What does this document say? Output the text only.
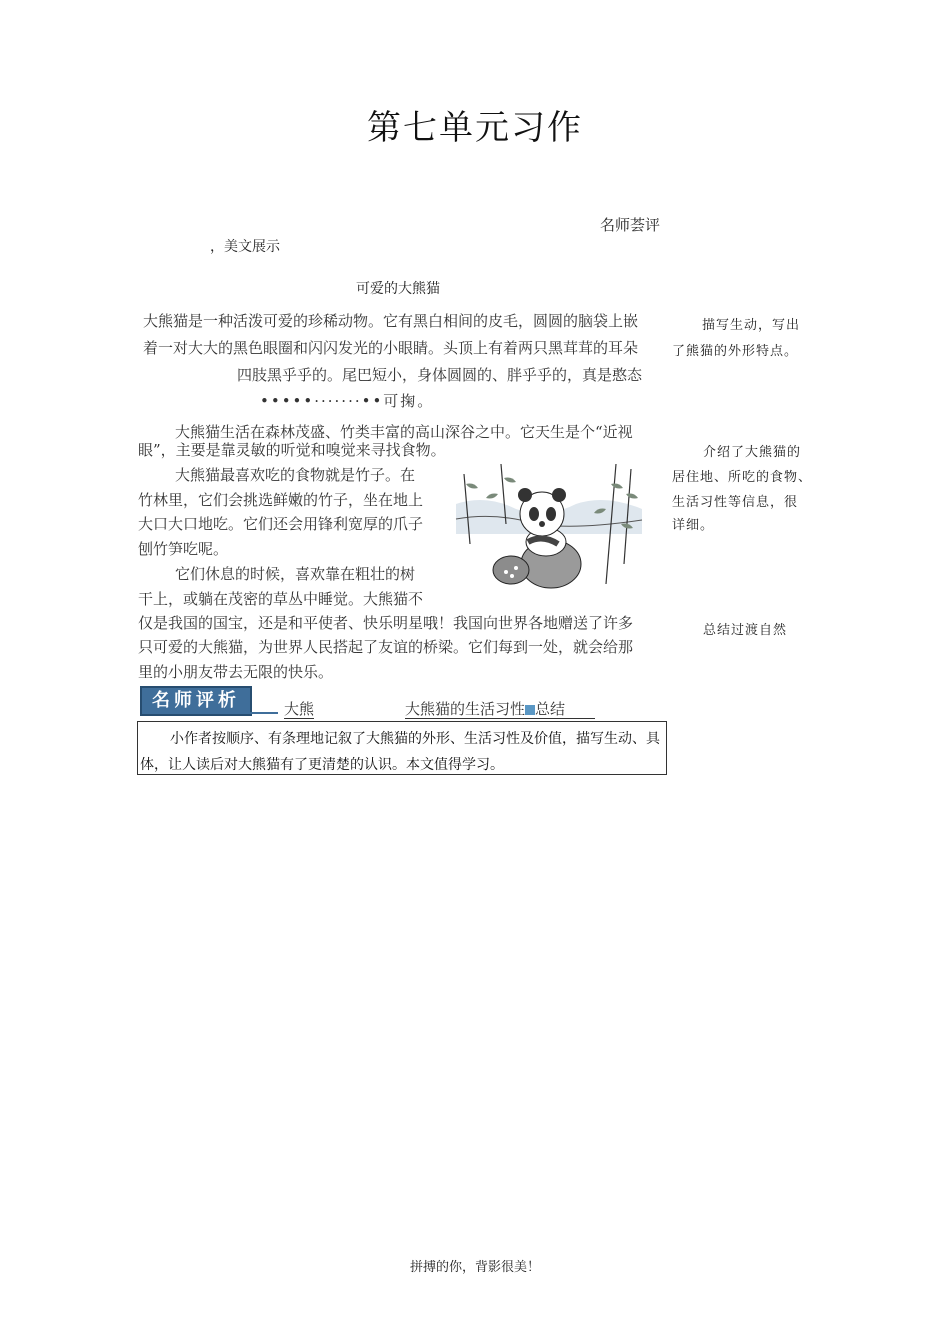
第七单元习作
名师荟评
，美文展示
可爱的大熊猫
大熊猫是一种活泼可爱的珍稀动物。它有黑白相间的皮毛，圆圆的脑袋上嵌
着一对大大的黑色眼圈和闪闪发光的小眼睛。头顶上有着两只黑茸茸的耳朵
四肢黑乎乎的。尾巴短小，身体圆圆的、胖乎乎的，真是憨态
•••••·······••可掬。
大熊猫生活在森林茂盛、竹类丰富的高山深谷之中。它天生是个“近视
眼”，主要是靠灵敏的听觉和嗅觉来寻找食物。
大熊猫最喜欢吃的食物就是竹子。在
竹林里，它们会挑选鲜嫩的竹子，坐在地上
大口大口地吃。它们还会用锋利宽厚的爪子
刨竹笋吃呢。
它们休息的时候，喜欢靠在粗壮的树
干上，或躺在茂密的草丛中睡觉。大熊猫不
仅是我国的国宝，还是和平使者、快乐明星哦！我国向世界各地赠送了许多
只可爱的大熊猫，为世界人民搭起了友谊的桥梁。它们每到一处，就会给那
里的小朋友带去无限的快乐。
描写生动，写出
了熊猫的外形特点。
介绍了大熊猫的
居住地、所吃的食物、
生活习性等信息，很
详细。
总结过渡自然
名师评析	大熊	大熊猫的生活习性 总结
小作者按顺序、有条理地记叙了大熊猫的外形、生活习性及价值，描写生动、具体，让人读后对大熊猫有了更清楚的认识。本文值得学习。
拼搏的你，背影很美！
